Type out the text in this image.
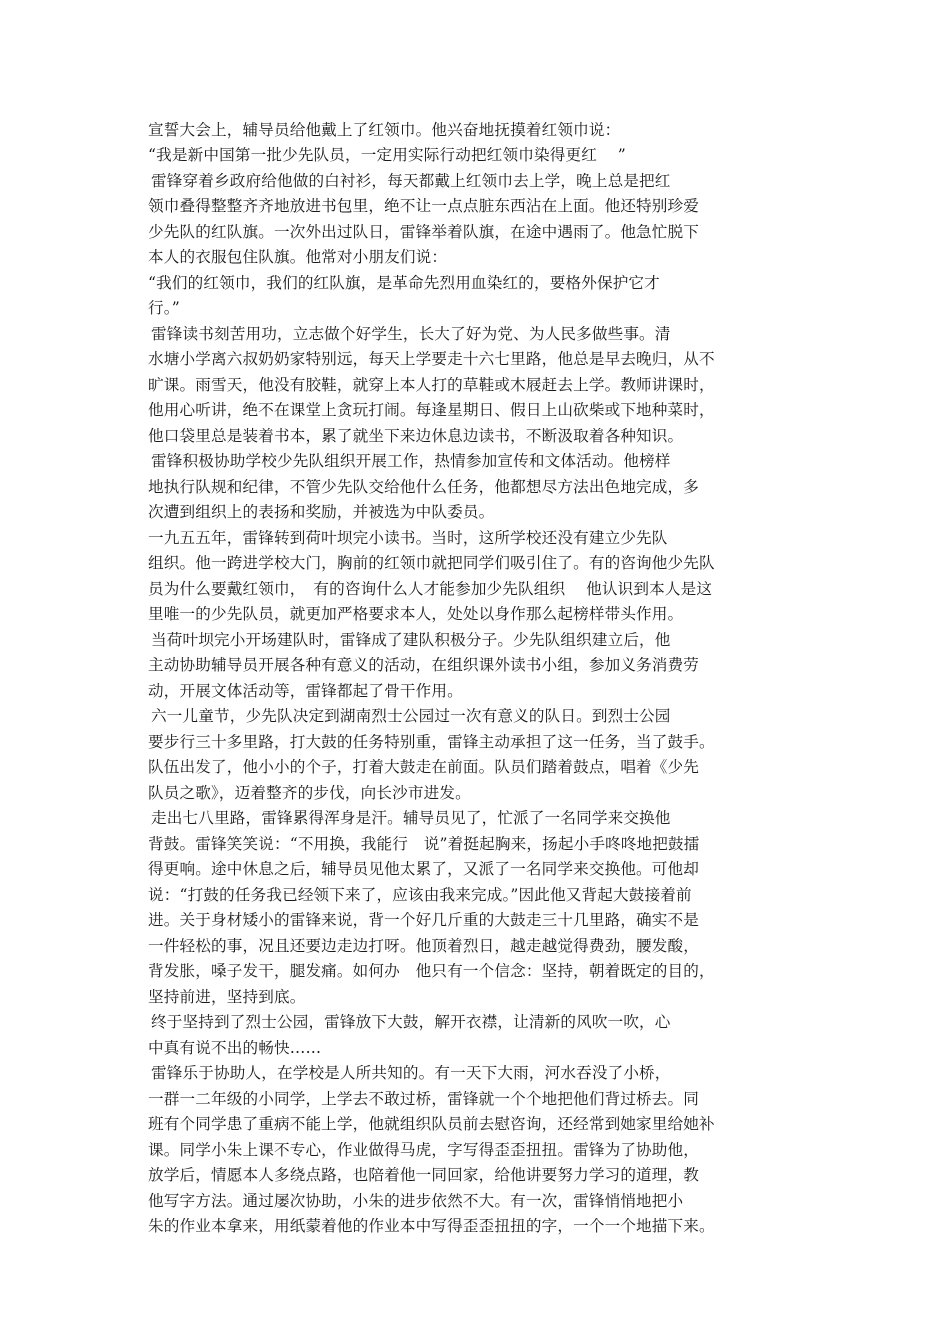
宣誓大会上，辅导员给他戴上了红领巾。他兴奋地抚摸着红领巾说：
“我是新中国第一批少先队员，一定用实际行动把红领巾染得更红　 ”
雷锋穿着乡政府给他做的白衬衫，每天都戴上红领巾去上学，晚上总是把红
领巾叠得整整齐齐地放进书包里，绝不让一点点脏东西沾在上面。他还特别珍爱
少先队的红队旗。一次外出过队日，雷锋举着队旗，在途中遇雨了。他急忙脱下
本人的衣服包住队旗。他常对小朋友们说：
“我们的红领巾，我们的红队旗，是革命先烈用血染红的，要格外保护它才
行。”
雷锋读书刻苦用功，立志做个好学生，长大了好为党、为人民多做些事。清
水塘小学离六叔奶奶家特别远，每天上学要走十六七里路，他总是早去晚归，从不
旷课。雨雪天，他没有胶鞋，就穿上本人打的草鞋或木屐赶去上学。教师讲课时，
他用心听讲，绝不在课堂上贪玩打闹。每逢星期日、假日上山砍柴或下地种菜时，
他口袋里总是装着书本，累了就坐下来边休息边读书，不断汲取着各种知识。
雷锋积极协助学校少先队组织开展工作，热情参加宣传和文体活动。他榜样
地执行队规和纪律，不管少先队交给他什么任务，他都想尽方法出色地完成，多
次遭到组织上的表扬和奖励，并被选为中队委员。
一九五五年，雷锋转到荷叶坝完小读书。当时，这所学校还没有建立少先队
组织。他一跨进学校大门，胸前的红领巾就把同学们吸引住了。有的咨询他少先队
员为什么要戴红领巾，　有的咨询什么人才能参加少先队组织　 他认识到本人是这
里唯一的少先队员，就更加严格要求本人，处处以身作那么起榜样带头作用。
当荷叶坝完小开场建队时，雷锋成了建队积极分子。少先队组织建立后，他
主动协助辅导员开展各种有意义的活动，在组织课外读书小组，参加义务消费劳
动，开展文体活动等，雷锋都起了骨干作用。
六一儿童节，少先队决定到湖南烈士公园过一次有意义的队日。到烈士公园
要步行三十多里路，打大鼓的任务特别重，雷锋主动承担了这一任务，当了鼓手。
队伍出发了，他小小的个子，打着大鼓走在前面。队员们踏着鼓点，唱着《少先
队员之歌》，迈着整齐的步伐，向长沙市进发。
走出七八里路，雷锋累得浑身是汗。辅导员见了，忙派了一名同学来交换他
背鼓。雷锋笑笑说：“不用换，我能行　说”着挺起胸来，扬起小手咚咚地把鼓擂
得更响。途中休息之后，辅导员见他太累了，又派了一名同学来交换他。可他却
说：“打鼓的任务我已经领下来了，应该由我来完成。”因此他又背起大鼓接着前
进。关于身材矮小的雷锋来说，背一个好几斤重的大鼓走三十几里路，确实不是
一件轻松的事，况且还要边走边打呀。他顶着烈日，越走越觉得费劲，腰发酸，
背发胀，嗓子发干，腿发痛。如何办　他只有一个信念：坚持，朝着既定的目的，
坚持前进，坚持到底。
终于坚持到了烈士公园，雷锋放下大鼓，解开衣襟，让清新的风吹一吹，心
中真有说不出的畅快……
雷锋乐于协助人，在学校是人所共知的。有一天下大雨，河水吞没了小桥，
一群一二年级的小同学，上学去不敢过桥，雷锋就一个个地把他们背过桥去。同
班有个同学患了重病不能上学，他就组织队员前去慰咨询，还经常到她家里给她补
课。同学小朱上课不专心，作业做得马虎，字写得歪歪扭扭。雷锋为了协助他，
放学后，情愿本人多绕点路，也陪着他一同回家，给他讲要努力学习的道理，教
他写字方法。通过屡次协助，小朱的进步依然不大。有一次，雷锋悄悄地把小
朱的作业本拿来，用纸蒙着他的作业本中写得歪歪扭扭的字，一个一个地描下来。
